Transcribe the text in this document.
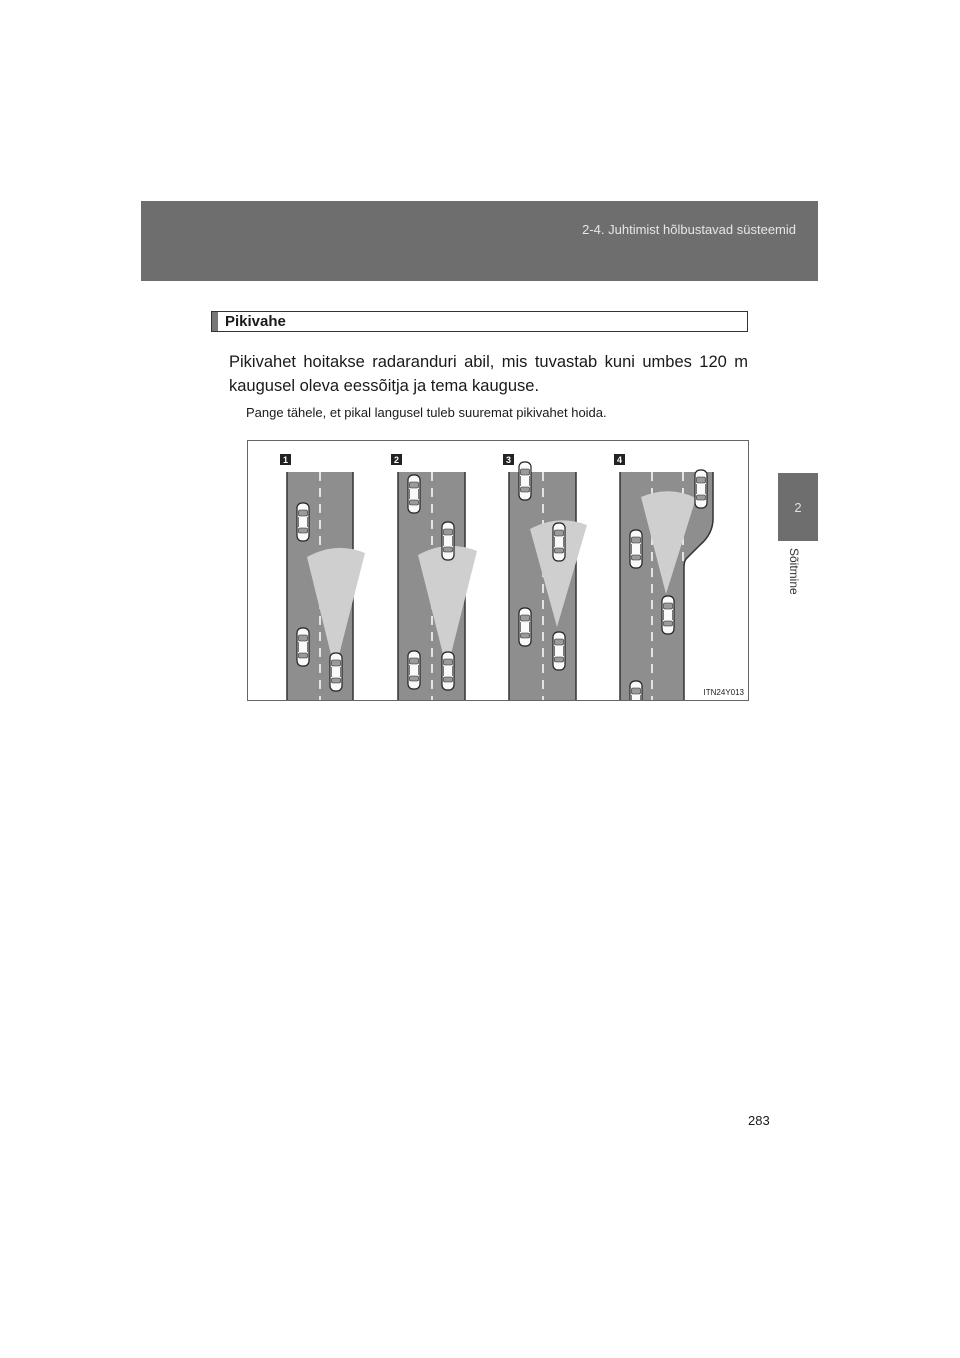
2-4. Juhtimist hõlbustavad süsteemid
2
Sõitmine
Pikivahe

Pikivahet hoitakse radaranduri abil, mis tuvastab kuni umbes 120 m kaugusel oleva eessõitja ja tema kauguse.

Pange tähele, et pikal langusel tuleb suuremat pikivahet hoida.

1	2	3	4
ITN24Y013
283
